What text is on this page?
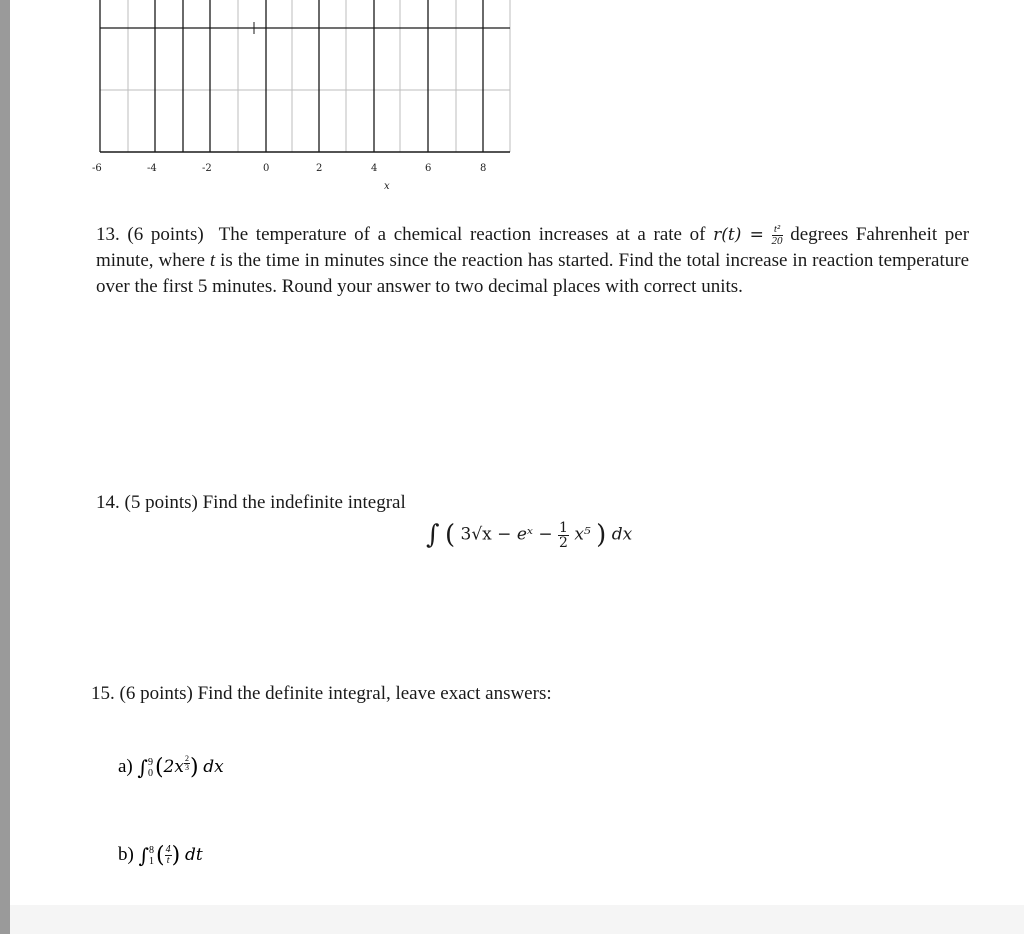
-6	-4	-2	0	2	4	6	8
x
13. (6 points) The temperature of a chemical reaction increases at a rate of $r(t) = \frac{\text{t²}}{20}$ degrees Fahrenheit per minute, where t is the time in minutes since the reaction has started. Find the total increase in reaction temperature over the first 5 minutes. Round your answer to two decimal places with correct units.
14. (5 points) Find the indefinite integral
∫ ( 3√x − eˣ − $\frac{1}{2} x^5$ ) dx
15. (6 points) Find the definite integral, leave exact answers:
a) ∫ 9
0 ($2x \frac{2}{3}$ ) dx
b) ∫ 8
1 ( $\frac{4}{t}$ ) dt
